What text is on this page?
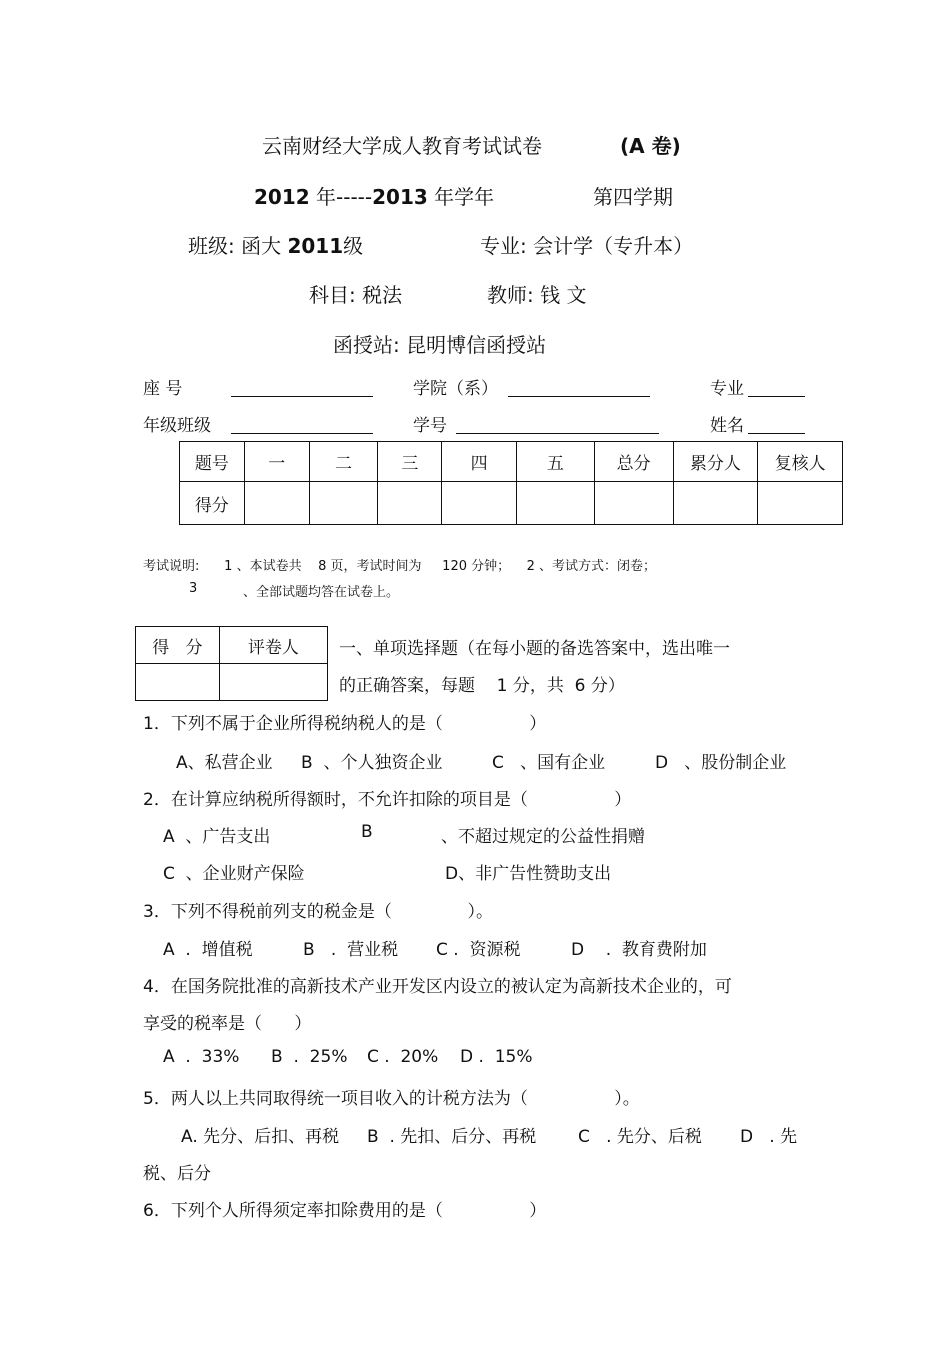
云南财经大学成人教育考试试卷	(A 卷)
2012 年-----2013 年学年	第四学期
班级: 函大 2011级	专业: 会计学（专升本）
科目: 税法	教师: 钱 文
函授站: 昆明博信函授站
座 号	学院（系）	专业
年级班级	学号	姓名
题号	一	二	三	四	五	总分	累分人	复核人
得分								
考试说明:      1 、本试卷共    8 页，考试时间为     120 分钟；    2 、考试方式：闭卷；
3	、全部试题均答在试卷上。
得   分	评卷人
	一、单项选择题（在每小题的备选答案中，选出唯一
的正确答案，每题    1 分，共  6 分）
1．下列不属于企业所得税纳税人的是（                ）
A、私营企业 B  、个人独资企业	C   、国有企业	D   、股份制企业
2．在计算应纳税所得额时，不允许扣除的项目是（                ）
A  、广告支出	B	、不超过规定的公益性捐赠
C  、企业财产保险	D、非广告性赞助支出
3．下列不得税前列支的税金是（              ）。
A  .  增值税	B   .  营业税 C .  资源税	D    .  教育费附加
4．在国务院批准的高新技术产业开发区内设立的被认定为高新技术企业的，可
享受的税率是（      ）
A  .  33% B  .  25% C .  20% D .  15%
5．两人以上共同取得统一项目收入的计税方法为（                ）。
A. 先分、后扣、再税 B  . 先扣、后分、再税 C   . 先分、后税 D   . 先
税、后分
6．下列个人所得须定率扣除费用的是（                ）
